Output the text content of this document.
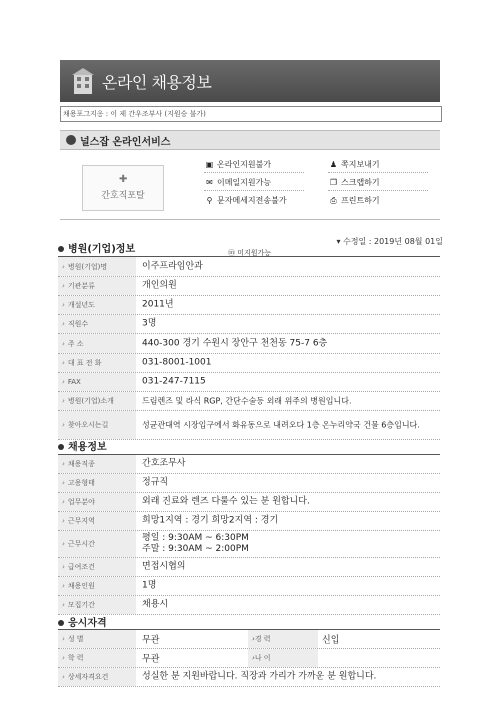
온라인 채용정보
채용포그지옹 : 이 제 간우조부사 (지원승 불가)
널스잡 온라인서비스
✚
간호직포탈
▣ 온라인지원불가	♟ 쪽지보내기
✉ 이메일지원가능	❐ 스크랩하기
⚲ 문자메세지전송불가	⎙ 프린트하기
병원(기업)정보
▾ 수정일 : 2019년 08월 01일
ⓜ 미지원가능
› 병원(기업)명	이주프라임안과
› 기관분류	개인의원
› 개설년도	2011년
› 직원수	3명
› 주 소	440-300 경기 수원시 장안구 천천동 75-7 6층
› 대 표 전 화	031-8001-1001
› FAX	031-247-7115
› 병원(기업)소개	드림렌즈 및 라식 RGP, 간단수술등 외래 위주의 병원입니다.
› 찾아오시는길	성균관대역 시장입구에서 화유동으로 내려오다 1층 온누리약국 건물 6층입니다.
채용정보
› 채용직종	간호조무사
› 고용형태	정규직
› 업무분야	외래 진료와 렌즈 다룰수 있는 분 원합니다.
› 근무지역	희망1지역 : 경기 희망2지역 : 경기
› 근무시간
평일 : 9:30AM ~ 6:30PM
주말 : 9:30AM ~ 2:00PM
› 급여조건	면접시협의
› 채용인원	1명
› 모집기간	채용시
응시자격
› 성 별	무관	›경 력	신입
› 학 력	무관	›나 이
› 상세자격요건	성실한 분 지원바랍니다. 직장과 가리가 가까운 분 원합니다.
